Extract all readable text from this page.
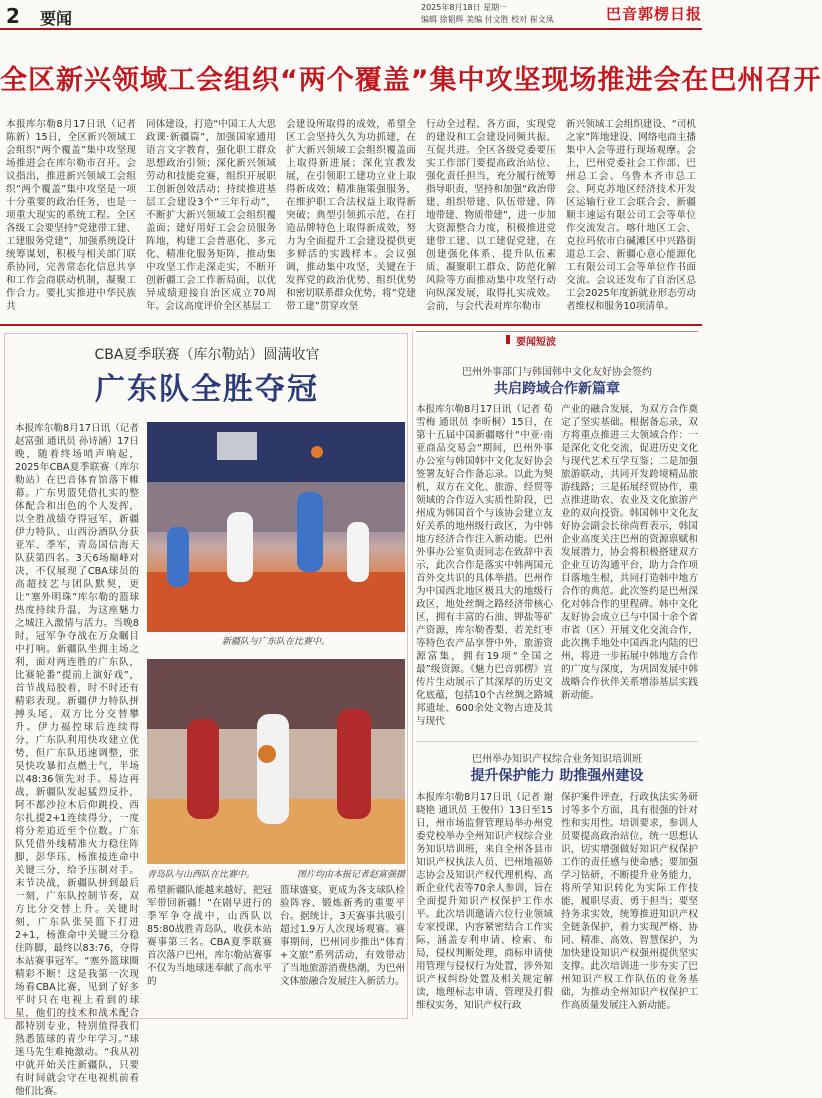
2 要闻
2025年8月18日 星期一
编辑 徐韬辉 美编 付文胜 校对 崔文凤	巴音郭楞日报
全区新兴领域工会组织“两个覆盖”集中攻坚现场推进会在巴州召开
本报库尔勒8月17日讯（记者 陈新）15日，全区新兴领域工会组织“两个覆盖”集中攻坚现场推进会在库尔勒市召开。会议指出，推进新兴领域工会组织“两个覆盖”集中攻坚是一项十分重要的政治任务，也是一项重大现实的系统工程。全区各级工会要坚持“党建带工建、工建服务党建”，加强系统设计统筹谋划，积极与相关部门联系协同，完善常态化信息共享和工作会商联动机制，凝聚工作合力。要扎实推进中华民族共
同体建设，打造“中国工人大思政课·新疆篇”，加强国家通用语言文字教育，强化职工群众思想政治引领；深化新兴领域劳动和技能竞赛，组织开展职工创新创效活动；持续推进基层工会建设3个“三年行动”，不断扩大新兴领域工会组织覆盖面；建好用好工会会员服务阵地，构建工会普惠化、多元化、精准化服务矩阵，推动集中攻坚工作走深走实，不断开创新疆工会工作新局面，以优异成绩迎接自治区成立70周年。会议高度评价全区基层工
会建设所取得的成效，希望全区工会坚持久久为功抓建，在扩大新兴领域工会组织覆盖面上取得新进展；深化宣教发展，在引领职工建功立业上取得新成效；精准施策强服务，在维护职工合法权益上取得新突破；典型引领抓示范，在打造品牌特色上取得新成效，努力为全面提升工会建设提供更多鲜活的实践样本。会议强调，推动集中攻坚，关键在于发挥党的政治优势、组织优势和密切联系群众优势，将“党建带工建”贯穿攻坚
行动全过程、各方面，实现党的建设和工会建设同频共振、互促共进。全区各级党委要压实工作部门要提高政治站位、强化责任担当，充分履行统筹指导职责，坚持和加强“政治带建、组织带建、队伍带建、阵地带建、物质带建”，进一步加大资源整合力度，积极推进党建带工建、以工建促党建，在创建强化体系、提升队伍素质、凝聚职工群众、防范化解风险等方面推动集中攻坚行动向纵深发展，取得扎实成效。会前，与会代表对库尔勒市
新兴领域工会组织建设、“司机之家”阵地建设、网络电商主播集中入会等进行现场观摩。会上，巴州党委社会工作部、巴州总工会、乌鲁木齐市总工会、阿克苏地区经济技术开发区运输行业工会联合会、新疆顺丰速运有限公司工会等单位作交流发言。喀什地区工会、克拉玛依市白碱滩区中兴路街道总工会、新疆心意心能源化工有限公司工会等单位作书面交流。会议还发布了自治区总工会2025年度新就业形态劳动者维权和服务10项清单。
CBA夏季联赛（库尔勒站）圆满收官
广东队全胜夺冠
本报库尔勒8月17日讯（记者 赵富强 通讯员 孙诗涵）17日晚，随着终场哨声响起，2025年CBA夏季联赛（库尔勒站）在巴音体育馆落下帷幕。广东男篮凭借扎实的整体配合和出色的个人发挥，以全胜战绩夺得冠军，新疆伊力特队、山西汾酒队分获亚军、季军，青岛国信海天队获第四名。3天6场巅峰对决，不仅展现了CBA球员的高超技艺与团队默契，更让“塞外明珠”库尔勒的篮球热度持续升温，为这座魅力之城注入激情与活力。当晚8时，冠军争夺战在万众瞩目中打响。新疆队坐拥主场之利，面对两连胜的广东队，比赛轮番“提前上演好戏”，首节战局胶着，时不时还有精彩表现。新疆伊力特队拼搏头尾，双方比分交替攀升。伊力福控球后连续得分，广东队利用快攻建立优势，但广东队迅速调整，张昊快攻暴扣点燃士气，半场以48:36领先对手。易边再战，新疆队发起猛烈反扑，阿不都沙拉木后仰跳投、西尔扎提2+1连续得分，一度将分差追近至个位数。广东队凭借外线精准火力稳住阵脚，彭华珏、杨淮接连命中关键三分，给予压制对手。末节决战，新疆队拼到最后一刻，广东队控制节奏，双方比分交替上升。关键时刻，广东队张昊篮下打进2+1，杨淮命中关键三分稳住阵脚，最终以83:76，夺得本站赛事冠军。“塞外篮球圈精彩不断！这是我第一次现场看CBA比赛，见到了好多平时只在电视上看到的球星，他们的技术和战术配合都特别专业，特别值得我们熟悉篮球的青少年学习。”球迷马先生难掩激动。“我从初中就开始关注新疆队，只要有时间就会守在电视机前看他们比赛。
新疆队与广东队在比赛中。
青岛队与山西队在比赛中。	图片均由本报记者赵富强摄
希望新疆队能越来越好，把冠军带回新疆！”在剧早进行的季军争夺战中，山西队以85:80战胜青岛队，收获本站赛事第三名。CBA夏季联赛首次落户巴州，库尔勒站赛事不仅为当地球迷奉献了高水平的
篮球盛宴，更成为各支球队检验阵容、锻炼新秀的重要平台。据统计，3天赛事共吸引超过1.9万人次现场观赛。赛事期间，巴州同步推出“体育+文旅”系列活动，有效带动了当地旅游消费热潮，为巴州文体旅融合发展注入新活力。
要闻短波
巴州外事部门与韩国韩中文化友好协会签约
共启跨域合作新篇章
本报库尔勒8月17日讯（记者 荀雪梅 通讯员 李昕桐）15日，在第十五届中国新疆喀什“中亚·南亚商品交易会”期间，巴州外事办公室与韩国韩中文化友好协会签署友好合作备忘录。以此为契机，双方在文化、旅游、经贸等领域的合作迈入实质性阶段，巴州成为韩国首个与该协会建立友好关系的地州级行政区，为中韩地方经济合作注入新动能。巴州外事办公室负责同志在致辞中表示，此次合作是落实中韩两国元首外交共识的具体举措。巴州作为中国西北地区极具大的地级行政区，地处丝绸之路经济带核心区，拥有丰富的石油、钾盐等矿产资源，库尔勒香梨、若羌红枣等特色农产品享誉中外，旅游资源富集，拥有19项“全国之最”级资源。《魅力巴音郭楞》宣传片生动展示了其深厚的历史文化底蕴，包括10个古丝绸之路城邦遗址、600余处文物古迹及其与现代
产业的融合发展，为双方合作奠定了坚实基础。根据备忘录，双方将重点推进三大领域合作：一是深化文化交流，促进历史文化与现代艺术互学互鉴；二是加强旅游联动，共同开发跨境精品旅游线路；三是拓展经贸协作，重点推进助农、农业及文化旅游产业的双向投资。韩国韩中文化友好协会副会长徐尚哲表示，韩国企业高度关注巴州的资源禀赋和发展潜力，协会将积极搭建双方企业互访沟通平台，助力合作项目落地生根，共同打造韩中地方合作的典范。此次签约是巴州深化对韩合作的里程碑。韩中文化友好协会成立已与中国十余个省市省（区）开展文化交流合作，此次携手地处中国西北内陆的巴州，将进一步拓展中韩地方合作的广度与深度，为巩固发展中韩战略合作伙伴关系增添基层实践新动能。
巴州举办知识产权综合业务知识培训班
提升保护能力 助推强州建设
本报库尔勒8月17日讯（记者 谢晓艳 通讯员 王俊伟）13日至15日，州市场监督管理局举办州党委党校举办全州知识产权综合业务知识培训班，来自全州各县市知识产权执法人员、巴州地福娇志协会及知识产权代理机构、高新企业代表等70余人参训，旨在全面提升知识产权保护工作水平。此次培训邀请六位行业领域专家授课，内容紧密结合工作实际，涵盖专利申请、检索、布局，侵权判断处理，商标申请使用管理与侵权行为处置，涉外知识产权纠纷处置及相关规定解读，地理标志申请、管理及打假维权实务，知识产权行政
保护案件评查，行政执法实务研讨等多个方面，具有很强的针对性和实用性。培训要求，参训人员要提高政治站位，统一思想认识，切实增强做好知识产权保护工作的责任感与使命感；要加强学习钻研，不断提升业务能力，将所学知识转化为实际工作技能，履职尽责、勇于担当；要坚持务求实效，统筹推进知识产权全链条保护，着力实现严格、协同、精准、高效、智慧保护，为加快建设知识产权强州提供坚实支撑。此次培训进一步夯实了巴州知识产权工作队伍的业务基础，为推动全州知识产权保护工作高质量发展注入新动能。
